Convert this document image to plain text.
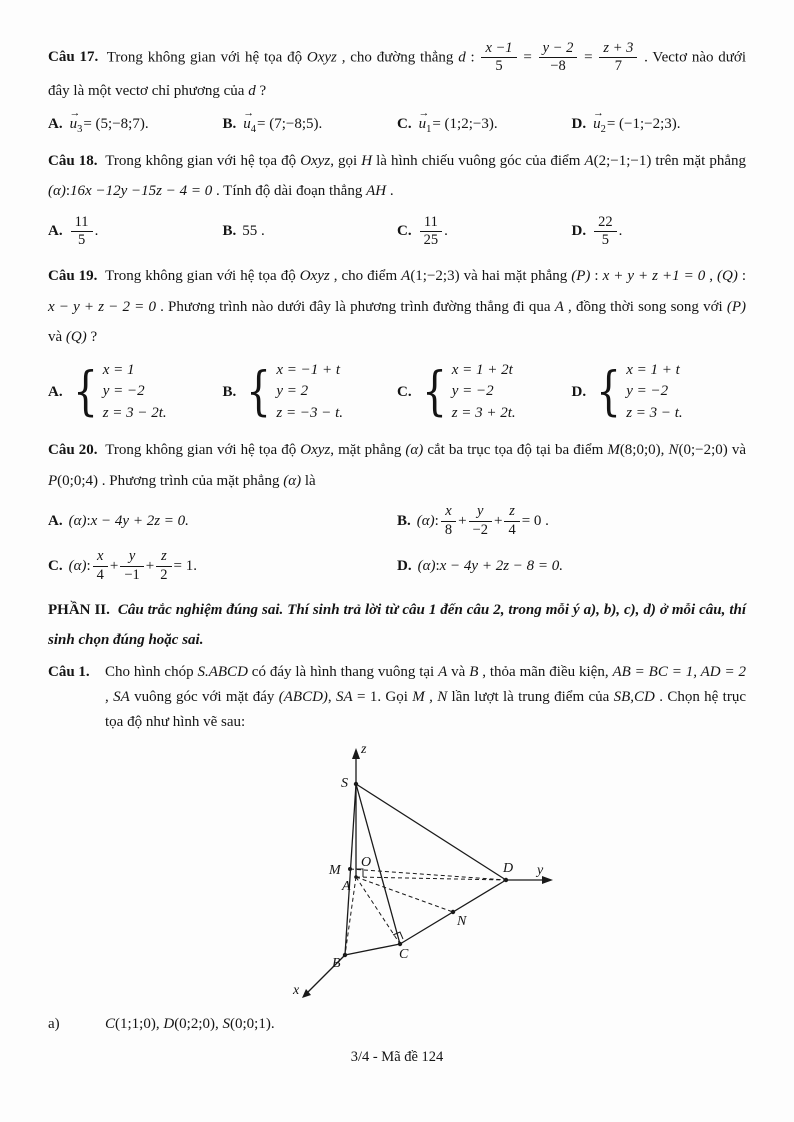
Câu 17. Trong không gian với hệ tọa độ Oxyz , cho đường thẳng d : $\frac{x -1}{5} = \frac{y - 2}{-8} = \frac{z + 3}{7}$ . Vectơ nào dưới đây là một vectơ chỉ phương của d ?

A.
→
$u_3$ = (5;−8;7).	B.
→
$u_4$ = (7;−8;5).	C.
→
$u_1$ = (1;2;−3).	D.
→
$u_2$ = (−1;−2;3).

Câu 18. Trong không gian với hệ tọa độ Oxyz, gọi H là hình chiếu vuông góc của điểm A(2;−1;−1) trên mặt phẳng (α):16x −12y −15z − 4 = 0 . Tính độ dài đoạn thẳng AH .

A. $\frac{11}{5}$ .	B. 55 .	C. $\frac{11}{25}$ .	D. $\frac{22}{5}$ .

Câu 19. Trong không gian với hệ tọa độ Oxyz , cho điểm A(1;−2;3) và hai mặt phẳng (P) : x + y + z +1 = 0 , (Q) : x − y + z − 2 = 0 . Phương trình nào dưới đây là phương trình đường thẳng đi qua A , đồng thời song song với (P) và (Q) ?

A. { x = 1
y = −2
z = 3 − 2t.
B. { x = −1 + t
y = 2
z = −3 − t.
C. { x = 1 + 2t
y = −2
z = 3 + 2t.
D. { x = 1 + t
y = −2
z = 3 − t.

Câu 20. Trong không gian với hệ tọa độ Oxyz, mặt phẳng (α) cắt ba trục tọa độ tại ba điểm M(8;0;0), N(0;−2;0) và P(0;0;4) . Phương trình của mặt phẳng (α) là

A. (α) : x − 4y + 2z = 0.	B. (α) : $\frac{x}{8} + \frac{y}{-2} + \frac{z}{4} = 0$ .
C. (α) : $\frac{x}{4} + \frac{y}{-1} + \frac{z}{2} = 1$.	D. (α) : x − 4y + 2z − 8 = 0.

PHẦN II. Câu trắc nghiệm đúng sai. Thí sinh trả lời từ câu 1 đến câu 2, trong mỗi ý a), b), c), d) ở mỗi câu, thí sinh chọn đúng hoặc sai.

Câu 1. Cho hình chóp S.ABCD có đáy là hình thang vuông tại A và B , thỏa mãn điều kiện, AB = BC = 1, AD = 2 , SA vuông góc với mặt đáy (ABCD), SA = 1. Gọi M , N lần lượt là trung điểm của SB,CD . Chọn hệ trục tọa độ như hình vẽ sau:

z
S
M
O
A
D y
N
B
C
x

a)	C(1;1;0), D(0;2;0), S(0;0;1).

3/4 - Mã đề 124
